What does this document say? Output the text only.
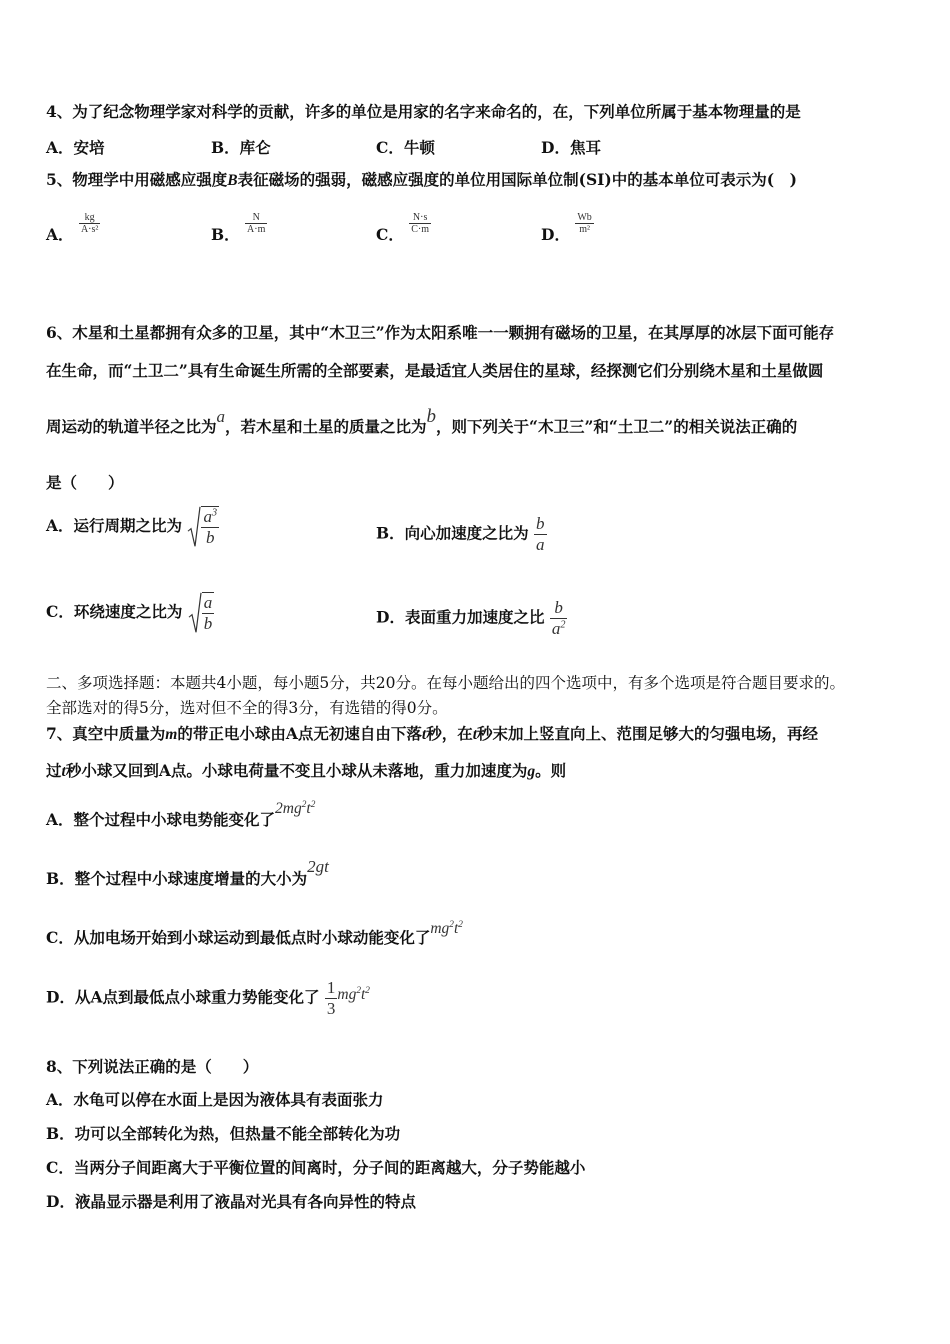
4、为了纪念物理学家对科学的贡献，许多的单位是用家的名字来命名的，在，下列单位所属于基本物理量的是
A．安培	B．库仑	C．牛顿	D．焦耳
5、物理学中用磁感应强度B表征磁场的强弱，磁感应强度的单位用国际单位制(SI)中的基本单位可表示为(　)
A． $\frac{kg}{\text{A·s²}}$	B． $\frac{N}{A\cdot m}$	C． $\frac{N\cdot s}{C\cdot m}$	D． $\frac{Wb}{\text{m²}}$
6、木星和土星都拥有众多的卫星，其中“木卫三”作为太阳系唯一一颗拥有磁场的卫星，在其厚厚的冰层下面可能存
在生命，而“土卫二”具有生命诞生所需的全部要素，是最适宜人类居住的星球，经探测它们分别绕木星和土星做圆
周运动的轨道半径之比为a，若木星和土星的质量之比为b，则下列关于“木卫三”和“土卫二”的相关说法正确的
是（　　）
A．运行周期之比为 $\frac{a^3}{b}$	B．向心加速度之比为 $\frac{b}{a}$
C．环绕速度之比为 $\frac{a}{b}$	D．表面重力加速度之比 $\frac{b}{a^2}$
二、多项选择题：本题共4小题，每小题5分，共20分。在每小题给出的四个选项中，有多个选项是符合题目要求的。
全部选对的得5分，选对但不全的得3分，有选错的得0分。
7、真空中质量为m的带正电小球由A点无初速自由下落t秒，在t秒末加上竖直向上、范围足够大的匀强电场，再经
过t秒小球又回到A点。小球电荷量不变且小球从未落地，重力加速度为g。则
A．整个过程中小球电势能变化了$2mg^2t^2$
B．整个过程中小球速度增量的大小为2gt
C．从加电场开始到小球运动到最低点时小球动能变化了$mg^2t^2$
D．从A点到最低点小球重力势能变化了 $\frac{1}{3} mg^2t^2$
8、下列说法正确的是（　　）
A．水龟可以停在水面上是因为液体具有表面张力
B．功可以全部转化为热，但热量不能全部转化为功
C．当两分子间距离大于平衡位置的间离时，分子间的距离越大，分子势能越小
D．液晶显示器是利用了液晶对光具有各向异性的特点
